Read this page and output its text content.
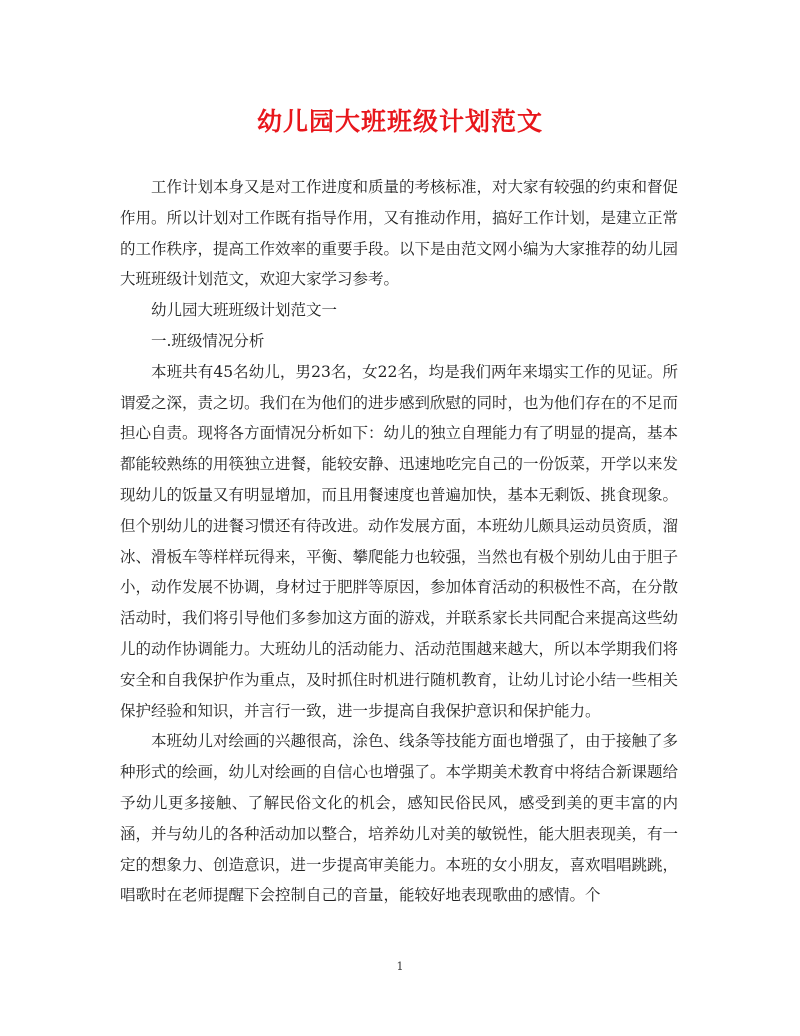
幼儿园大班班级计划范文

工作计划本身又是对工作进度和质量的考核标准，对大家有较强的约束和督促作用。所以计划对工作既有指导作用，又有推动作用，搞好工作计划，是建立正常的工作秩序，提高工作效率的重要手段。以下是由范文网小编为大家推荐的幼儿园大班班级计划范文，欢迎大家学习参考。

幼儿园大班班级计划范文一

一.班级情况分析

本班共有45名幼儿，男23名，女22名，均是我们两年来塌实工作的见证。所谓爱之深，责之切。我们在为他们的进步感到欣慰的同时，也为他们存在的不足而担心自责。现将各方面情况分析如下：幼儿的独立自理能力有了明显的提高，基本都能较熟练的用筷独立进餐，能较安静、迅速地吃完自己的一份饭菜，开学以来发现幼儿的饭量又有明显增加，而且用餐速度也普遍加快，基本无剩饭、挑食现象。但个别幼儿的进餐习惯还有待改进。动作发展方面，本班幼儿颇具运动员资质，溜冰、滑板车等样样玩得来，平衡、攀爬能力也较强，当然也有极个别幼儿由于胆子小，动作发展不协调，身材过于肥胖等原因，参加体育活动的积极性不高，在分散活动时，我们将引导他们多参加这方面的游戏，并联系家长共同配合来提高这些幼儿的动作协调能力。大班幼儿的活动能力、活动范围越来越大，所以本学期我们将安全和自我保护作为重点，及时抓住时机进行随机教育，让幼儿讨论小结一些相关保护经验和知识，并言行一致，进一步提高自我保护意识和保护能力。

本班幼儿对绘画的兴趣很高，涂色、线条等技能方面也增强了，由于接触了多种形式的绘画，幼儿对绘画的自信心也增强了。本学期美术教育中将结合新课题给予幼儿更多接触、了解民俗文化的机会，感知民俗民风，感受到美的更丰富的内涵，并与幼儿的各种活动加以整合，培养幼儿对美的敏锐性，能大胆表现美，有一定的想象力、创造意识，进一步提高审美能力。本班的女小朋友，喜欢唱唱跳跳，唱歌时在老师提醒下会控制自己的音量，能较好地表现歌曲的感情。个

1
